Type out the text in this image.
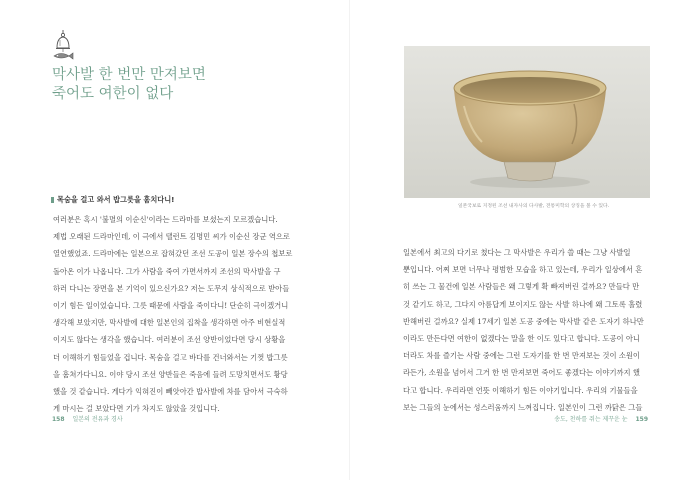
막사발 한 번만 만져보면
죽어도 여한이 없다
목숨을 걸고 와서 밥그릇을 훔치다니!
여러분은 혹시 '불멸의 이순신'이라는 드라마를 보셨는지 모르겠습니다.
제법 오래된 드라마인데, 이 극에서 탤런트 김명민 씨가 이순신 장군 역으로
열연했었죠. 드라마에는 일본으로 잡혀갔던 조선 도공이 일본 장수의 첩보로
돌아온 이가 나옵니다. 그가 사람을 죽여 가면서까지 조선의 막사발을 구
하러 다니는 장면을 본 기억이 있으신가요? 저는 도무지 상식적으로 받아들
이기 힘든 일이었습니다. 그릇 때문에 사람을 죽이다니! 단순히 극이겠거니
생각해 보았지만, 막사발에 대한 일본인의 집착을 생각하면 아주 비현실적
이지도 않다는 생각을 했습니다. 여러분이 조선 양반이었다면 당시 상황을
더 이해하기 힘들었을 겁니다. 목숨을 걸고 바다를 건너와서는 기껏 밥그릇
을 훔쳐가다니요. 이야 당시 조선 양반들은 죽음에 들려 도망치면서도 황당
했을 것 같습니다. 게다가 익혀진이 빼앗아간 밥사발에 차를 담아서 극숙하
게 마시는 걸 보았다면 기가 차지도 않았을 것입니다.
158 일본의 전유과 경사
일본국보로 지정된 조선 내자사의 다사발, 전통미학의 상징을 볼 수 있다.
일본에서 최고의 다기로 쳤다는 그 막사발은 우리가 쓸 때는 그냥 사발일
뿐입니다. 어찌 보면 너무나 평범한 모습을 하고 있는데, 우리가 일상에서 흔
히 쓰는 그 물건에 일본 사람들은 왜 그렇게 확 빠져버린 걸까요? 만들다 만
것 같기도 하고, 그다지 아름답게 보이지도 않는 사발 하나에 왜 그토록 홀렸
반해버린 걸까요? 실제 17세기 일본 도공 중에는 막사발 같은 도자기 하나만
이라도 만든다면 여한이 없겠다는 말을 한 이도 있다고 합니다. 도공이 아니
더라도 차를 즐기는 사람 중에는 그런 도자기를 한 번 만져보는 것이 소원이
라든가, 소원을 넘어서 그거 한 번 만져보면 죽어도 좋겠다는 이야기까지 했
다고 합니다. 우리라면 언뜻 이해하기 힘든 이야기입니다. 우리의 기물들을
보는 그들의 눈에서는 성스러움까지 느껴집니다. 일본인이 그런 까닭은 그들
송도, 천하를 쥐는 제꾸운 눈 159
